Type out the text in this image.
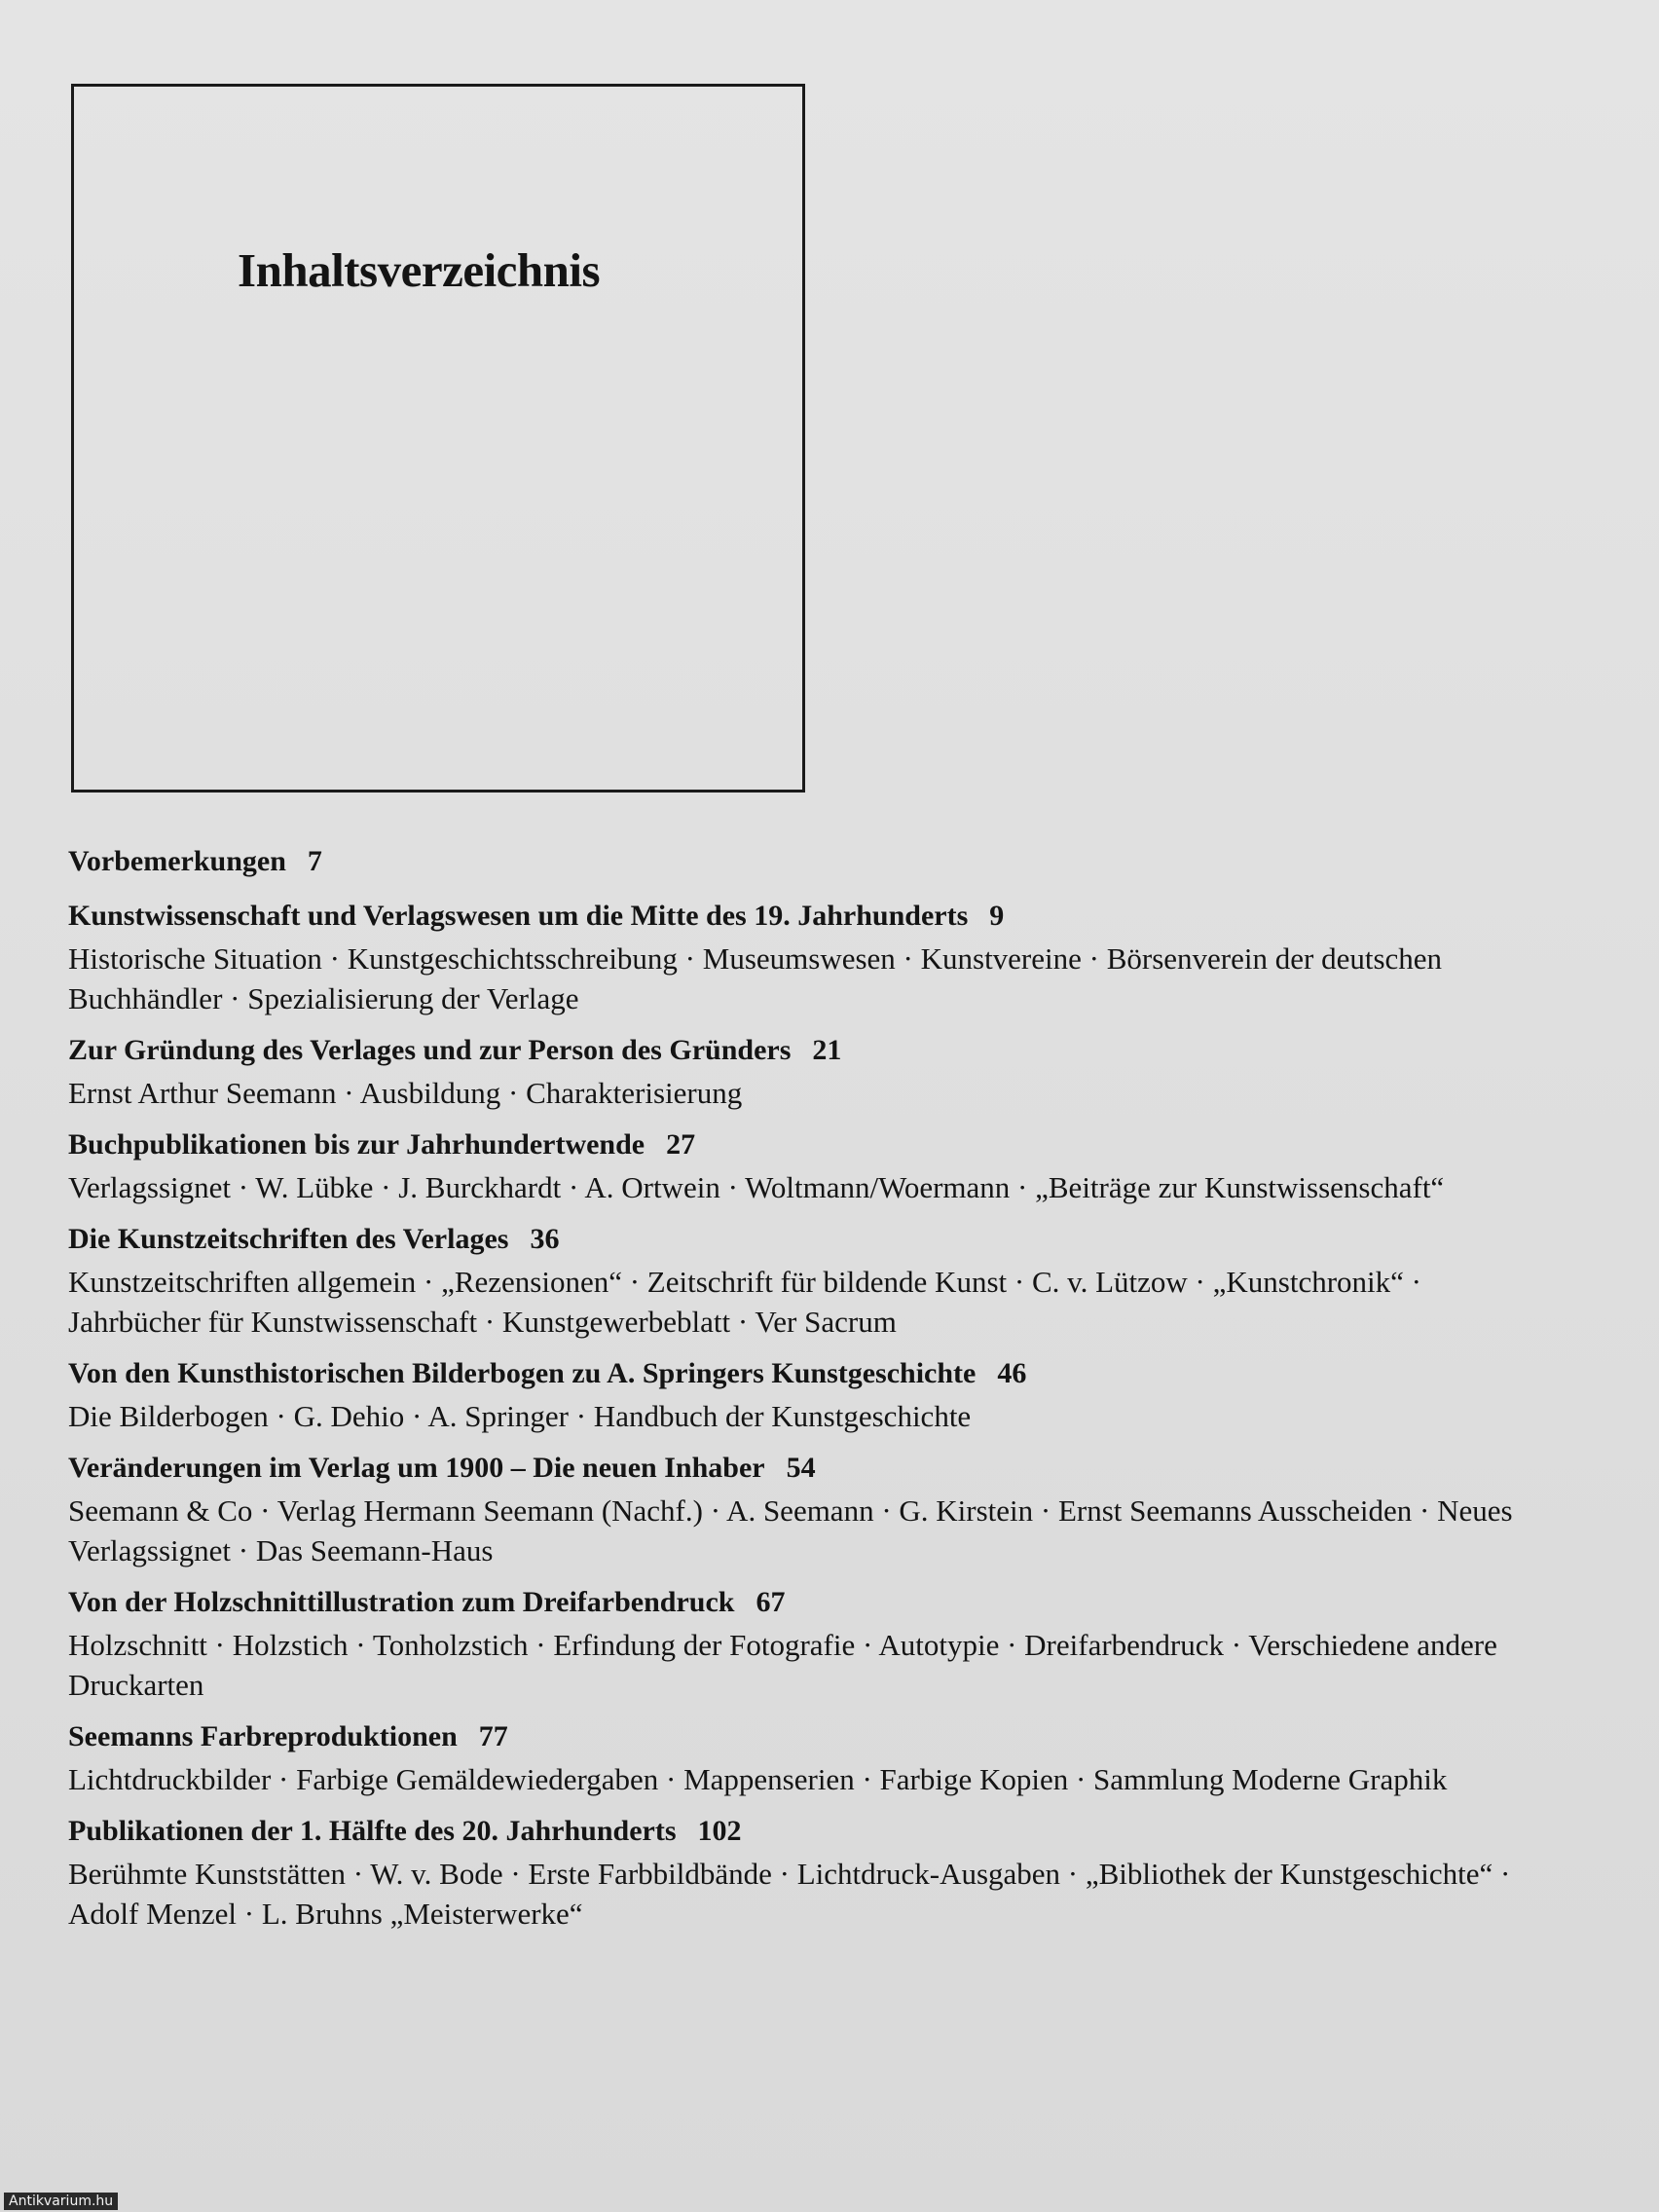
Inhaltsverzeichnis
Vorbemerkungen 7
Kunstwissenschaft und Verlagswesen um die Mitte des 19. Jahrhunderts 9
Historische Situation · Kunstgeschichtsschreibung · Museumswesen · Kunstvereine · Börsenverein der deutschen Buchhändler · Spezialisierung der Verlage
Zur Gründung des Verlages und zur Person des Gründers 21
Ernst Arthur Seemann · Ausbildung · Charakterisierung
Buchpublikationen bis zur Jahrhundertwende 27
Verlagssignet · W. Lübke · J. Burckhardt · A. Ortwein · Woltmann/Woermann · „Beiträge zur Kunstwissenschaft“
Die Kunstzeitschriften des Verlages 36
Kunstzeitschriften allgemein · „Rezensionen“ · Zeitschrift für bildende Kunst · C. v. Lützow · „Kunstchronik“ · Jahrbücher für Kunstwissenschaft · Kunstgewerbeblatt · Ver Sacrum
Von den Kunsthistorischen Bilderbogen zu A. Springers Kunstgeschichte 46
Die Bilderbogen · G. Dehio · A. Springer · Handbuch der Kunstgeschichte
Veränderungen im Verlag um 1900 – Die neuen Inhaber 54
Seemann & Co · Verlag Hermann Seemann (Nachf.) · A. Seemann · G. Kirstein · Ernst Seemanns Ausscheiden · Neues Verlagssignet · Das Seemann-Haus
Von der Holzschnittillustration zum Dreifarbendruck 67
Holzschnitt · Holzstich · Tonholzstich · Erfindung der Fotografie · Autotypie · Dreifarbendruck · Verschiedene andere Druckarten
Seemanns Farbreproduktionen 77
Lichtdruckbilder · Farbige Gemäldewiedergaben · Mappenserien · Farbige Kopien · Sammlung Moderne Graphik
Publikationen der 1. Hälfte des 20. Jahrhunderts 102
Berühmte Kunststätten · W. v. Bode · Erste Farbbildbände · Lichtdruck-Ausgaben · „Bibliothek der Kunstgeschichte“ · Adolf Menzel · L. Bruhns „Meisterwerke“
Antikvarium.hu
